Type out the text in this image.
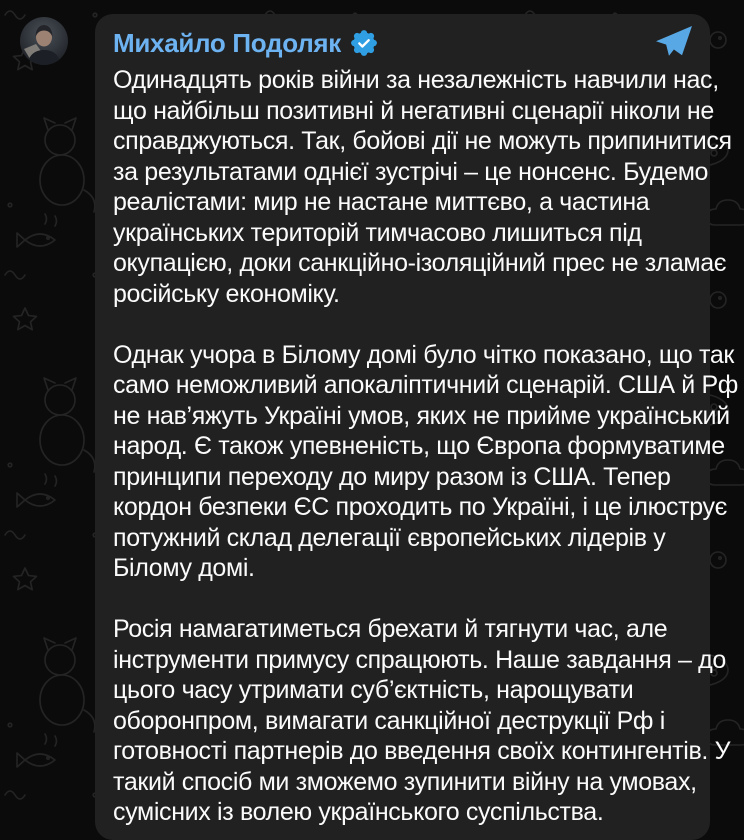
Михайло Подоляк
Одинадцять років війни за незалежність навчили нас,
що найбільш позитивні й негативні сценарії ніколи не
справджуються. Так, бойові дії не можуть припинитися
за результатами однієї зустрічі – це нонсенс. Будемо
реалістами: мир не настане миттєво, а частина
українських територій тимчасово лишиться під
окупацією, доки санкційно-ізоляційний прес не зламає
російську економіку.
Однак учора в Білому домі було чітко показано, що так
само неможливий апокаліптичний сценарій. США й Рф
не нав’яжуть Україні умов, яких не прийме український
народ. Є також упевненість, що Європа формуватиме
принципи переходу до миру разом із США. Тепер
кордон безпеки ЄС проходить по Україні, і це ілюструє
потужний склад делегації європейських лідерів у
Білому домі.
Росія намагатиметься брехати й тягнути час, але
інструменти примусу спрацюють. Наше завдання – до
цього часу утримати суб’єктність, нарощувати
оборонпром, вимагати санкційної деструкції Рф і
готовності партнерів до введення своїх контингентів. У
такий спосіб ми зможемо зупинити війну на умовах,
сумісних із волею українського суспільства.
